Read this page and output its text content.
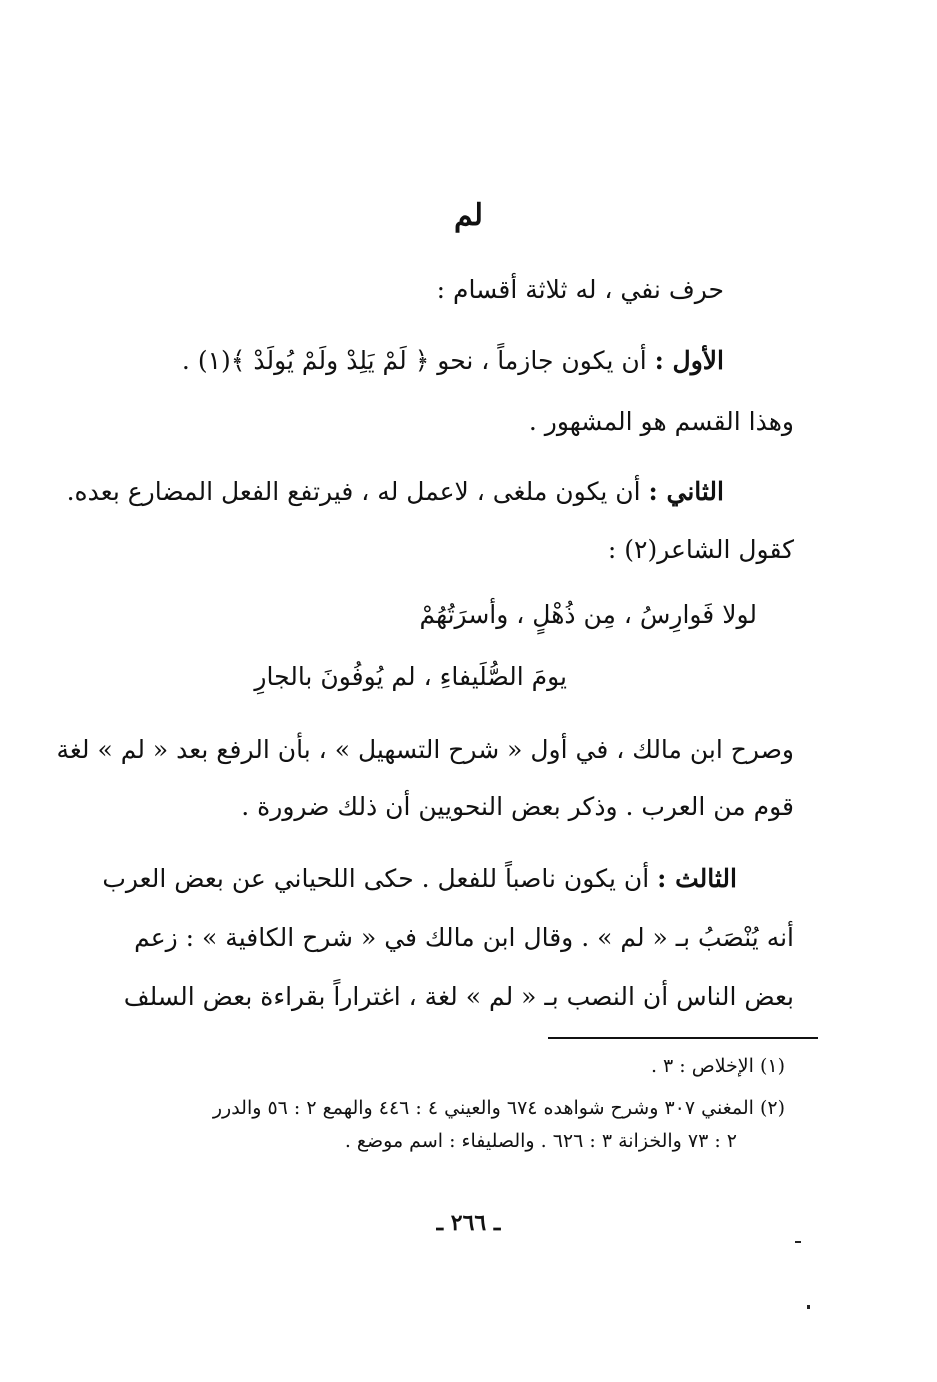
لم
حرف نفي ، له ثلاثة أقسام :
الأول : أن يكون جازماً ، نحو ﴿ لَمْ يَلِدْ ولَمْ يُولَدْ ﴾(١) .
وهذا القسم هو المشهور .
الثاني : أن يكون ملغى ، لاعمل له ، فيرتفع الفعل المضارع بعده.
كقول الشاعر(٢) :
لولا فَوارِسُ ، مِن ذُهْلٍ ، وأسرَتُهُمْ
يومَ الصُّلَيفاءِ ، لم يُوفُونَ بالجارِ
وصرح ابن مالك ، في أول « شرح التسهيل » ، بأن الرفع بعد « لم » لغة
قوم من العرب . وذكر بعض النحويين أن ذلك ضرورة .
الثالث : أن يكون ناصباً للفعل . حكى اللحياني عن بعض العرب
أنه يُنْصَبُ بـ « لم » . وقال ابن مالك في « شرح الكافية » : زعم
بعض الناس أن النصب بـ « لم » لغة ، اغتراراً بقراءة بعض السلف
(١) الإخلاص : ٣ .
(٢) المغني ٣٠٧ وشرح شواهده ٦٧٤ والعيني ٤ : ٤٤٦ والهمع ٢ : ٥٦ والدرر
٢ : ٧٣ والخزانة ٣ : ٦٢٦ . والصليفاء : اسم موضع .
ـ ٢٦٦ ـ
